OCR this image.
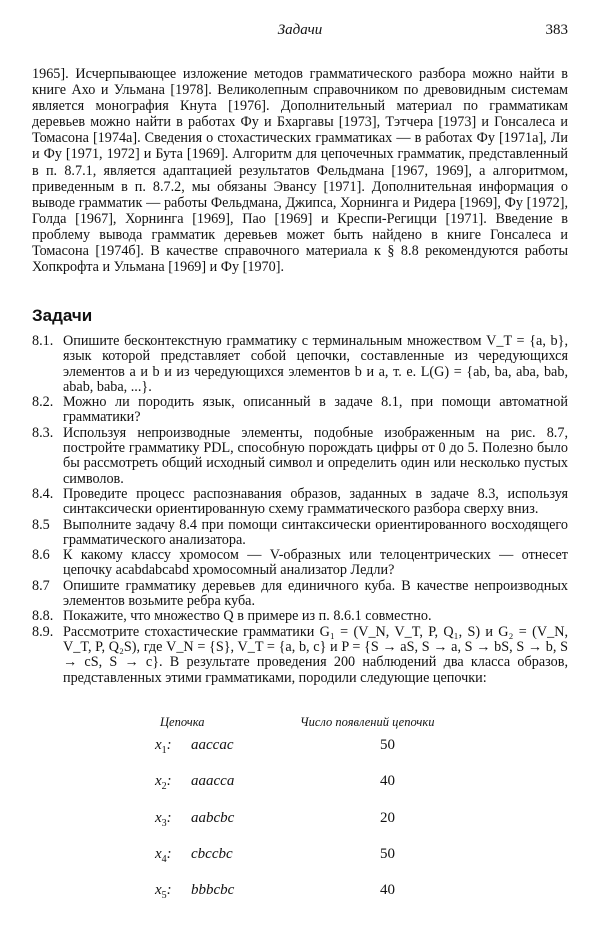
Задачи	383

1965]. Исчерпывающее изложение методов грамматического разбора можно найти в книге Ахо и Ульмана [1978]. Великолепным справочником по древовидным системам является монография Кнута [1976]. Дополнительный материал по грамматикам деревьев можно найти в работах Фу и Бхаргавы [1973], Тэтчера [1973] и Гонсалеса и Томасона [1974a]. Сведения о стохастических грамматиках — в работах Фу [1971a], Ли и Фу [1971, 1972] и Бута [1969]. Алгоритм для цепочечных грамматик, представленный в п. 8.7.1, является адаптацией результатов Фельдмана [1967, 1969], а алгоритмом, приведенным в п. 8.7.2, мы обязаны Эвансу [1971]. Дополнительная информация о выводе грамматик — работы Фельдмана, Джипса, Хорнинга и Ридера [1969], Фу [1972], Голда [1967], Хорнинга [1969], Пао [1969] и Креспи-Регицци [1971]. Введение в проблему вывода грамматик деревьев может быть найдено в книге Гонсалеса и Томасона [1974б]. В качестве справочного материала к § 8.8 рекомендуются работы Хопкрофта и Ульмана [1969] и Фу [1970].

Задачи
8.1. Опишите бесконтекстную грамматику с терминальным множеством V_T = {a, b}, язык которой представляет собой цепочки, составленные из чередующихся элементов a и b и из чередующихся элементов b и a, т. е. L(G) = {ab, ba, aba, bab, abab, baba, ...}.
8.2. Можно ли породить язык, описанный в задаче 8.1, при помощи автоматной грамматики?
8.3. Используя непроизводные элементы, подобные изображенным на рис. 8.7, постройте грамматику PDL, способную порождать цифры от 0 до 5. Полезно было бы рассмотреть общий исходный символ и определить один или несколько пустых символов.
8.4. Проведите процесс распознавания образов, заданных в задаче 8.3, используя синтаксически ориентированную схему грамматического разбора сверху вниз.
8.5 Выполните задачу 8.4 при помощи синтаксически ориентированного восходящего грамматического анализатора.
8.6 К какому классу хромосом — V-образных или телоцентрических — отнесет цепочку acabdabcabd хромосомный анализатор Ледли?
8.7 Опишите грамматику деревьев для единичного куба. В качестве непроизводных элементов возьмите ребра куба.
8.8. Покажите, что множество Q в примере из п. 8.6.1 совместно.
8.9. Рассмотрите стохастические грамматики G₁ = (V_N, V_T, P, Q₁, S) и G₂ = (V_N, V_T, P, Q₂S), где V_N = {S}, V_T = {a, b, c} и P = {S → aS, S → a, S → bS, S → b, S → cS, S → c}. В результате проведения 200 наблюдений два класса образов, представленных этими грамматиками, породили следующие цепочки:
Цепочка	Число появлений цепочки
$x_1$: aaccac	50
$x_2$: aaacca	40
$x_3$: aabcbc	20
$x_4$: cbccbc	50
$x_5$: bbbcbc	40
